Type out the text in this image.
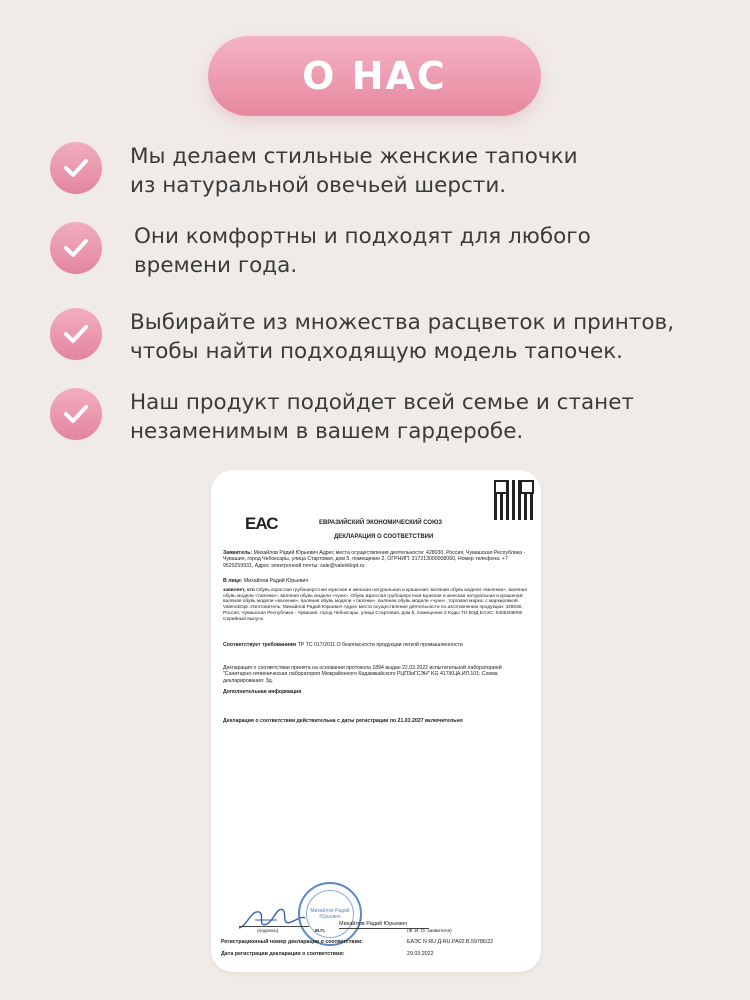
О НАС
Мы делаем стильные женские тапочки
из натуральной овечьей шерсти.
Они комфортны и подходят для любого
времени года.
Выбирайте из множества расцветок и принтов,
чтобы найти подходящую модель тапочек.
Наш продукт подойдет всей семье и станет
незаменимым в вашем гардеробе.
ЕАС	ЕВРАЗИЙСКИЙ ЭКОНОМИЧЕСКИЙ СОЮЗ
ДЕКЛАРАЦИЯ О СООТВЕТСТВИИ
Заявитель: Михайлов Радий Юрьевич Адрес места осуществления деятельности: 428030, Россия, Чувашская Республика - Чувашия, город Чебоксары, улица Стартовая, дом 5, помещение 2, ОГРНИП: 317213000008060, Номер телефона: +7 9520259931, Адрес электронной почты: sale@valenklopt.ru
В лице: Михайлов Радий Юрьевич
заявляет, что Обувь взрослая грубошерстная мужская и женская натуральная и крашеная: валяная обувь модели «валенки», валяная обувь модели «тапочки», валяная обувь модели «чуни». Обувь взрослая грубошерстная мужская и женская натуральная и крашеная: валяная обувь модели «валенки», валяная обувь модели «тапочки», валяная обувь модели «чуни», торговая марка: с маркировкой ValenokOpt. Изготовитель: Михайлов Радий Юрьевич Адрес места осуществления деятельности по изготовлению продукции: 428030, Россия, Чувашская Республика - Чувашия, город Чебоксары, улица Стартовая, дом 5, помещение 2 Коды ТН ВЭД ЕАЭС: 6405209000 Серийный выпуск.
Соответствует требованиям ТР ТС 017/2011 О безопасности продукции легкой промышленности
Декларация о соответствии принята на основании протокола 1894 выдан 22.03.2022 испытательной лабораторией "Санитарно-гигиеническая лаборатория Межрайонного Кадамжайского РЦПЗиГСЭН" KG 417/КЦА.ИЛ.101; Схема декларирования: 3д.
Дополнительная информация
Декларация о соответствии действительна с даты регистрации по 21.03.2027 включительно
Михайлов Радий Юрьевич
(подпись)	М.П.
Михайлов Радий Юрьевич
(Ф. И. О. заявителя)
Регистрационный номер декларации о соответствии:	ЕАЭС N RU Д-RU.PA02.В.59786/22
Дата регистрации декларации о соответствии:	29.03.2022
